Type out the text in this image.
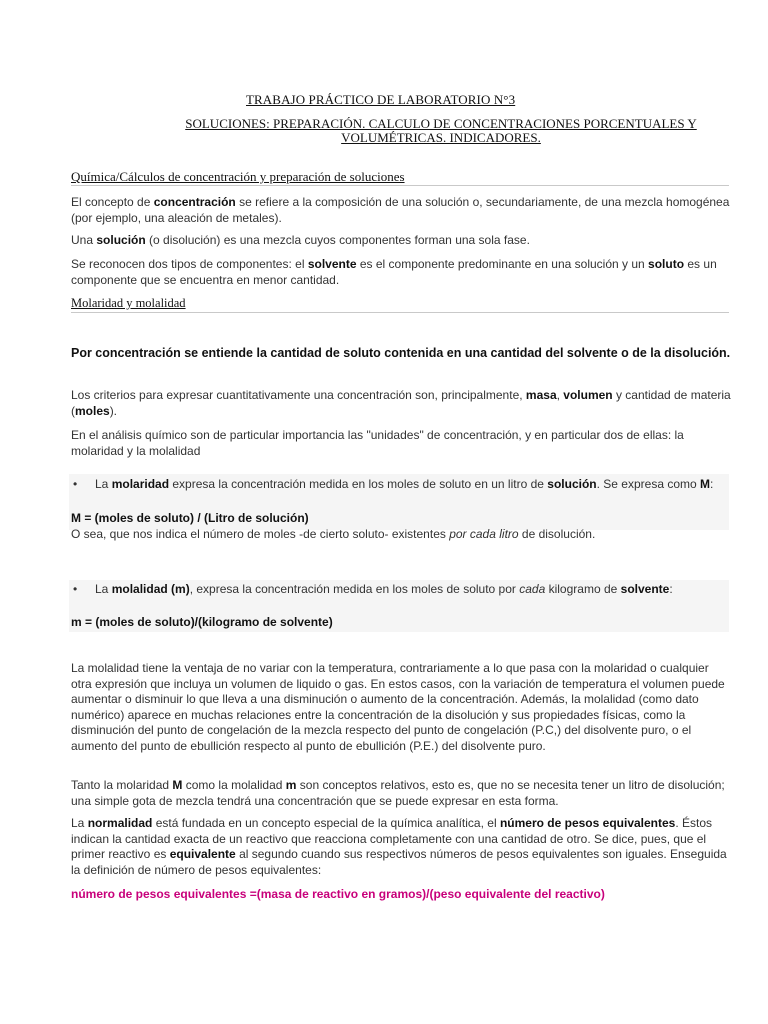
TRABAJO PRÁCTICO DE LABORATORIO N°3
SOLUCIONES: PREPARACIÓN. CALCULO DE CONCENTRACIONES PORCENTUALES Y
VOLUMÉTRICAS. INDICADORES.
Química/Cálculos de concentración y preparación de soluciones
El concepto de concentración se refiere a la composición de una solución o, secundariamente, de una mezcla homogénea (por ejemplo, una aleación de metales).
Una solución (o disolución) es una mezcla cuyos componentes forman una sola fase.
Se reconocen dos tipos de componentes: el solvente es el componente predominante en una solución y un soluto es un componente que se encuentra en menor cantidad.
Molaridad y molalidad
Por concentración se entiende la cantidad de soluto contenida en una cantidad del solvente o de la disolución.
Los criterios para expresar cuantitativamente una concentración son, principalmente, masa, volumen y cantidad de materia (moles).
En el análisis químico son de particular importancia las "unidades" de concentración, y en particular dos de ellas: la molaridad y la molalidad
• La molaridad expresa la concentración medida en los moles de soluto en un litro de solución. Se expresa como M:
M = (moles de soluto) / (Litro de solución)
O sea, que nos indica el número de moles -de cierto soluto- existentes por cada litro de disolución.
• La molalidad (m), expresa la concentración medida en los moles de soluto por cada kilogramo de solvente:
m = (moles de soluto)/(kilogramo de solvente)
La molalidad tiene la ventaja de no variar con la temperatura, contrariamente a lo que pasa con la molaridad o cualquier otra expresión que incluya un volumen de liquido o gas. En estos casos, con la variación de temperatura el volumen puede aumentar o disminuir lo que lleva a una disminución o aumento de la concentración. Además, la molalidad (como dato numérico) aparece en muchas relaciones entre la concentración de la disolución y sus propiedades físicas, como la disminución del punto de congelación de la mezcla respecto del punto de congelación (P.C,) del disolvente puro, o el aumento del punto de ebullición respecto al punto de ebullición (P.E.) del disolvente puro.
Tanto la molaridad M como la molalidad m son conceptos relativos, esto es, que no se necesita tener un litro de disolución; una simple gota de mezcla tendrá una concentración que se puede expresar en esta forma.
La normalidad está fundada en un concepto especial de la química analítica, el número de pesos equivalentes. Éstos indican la cantidad exacta de un reactivo que reacciona completamente con una cantidad de otro. Se dice, pues, que el primer reactivo es equivalente al segundo cuando sus respectivos números de pesos equivalentes son iguales. Enseguida la definición de número de pesos equivalentes:
número de pesos equivalentes =(masa de reactivo en gramos)/(peso equivalente del reactivo)
